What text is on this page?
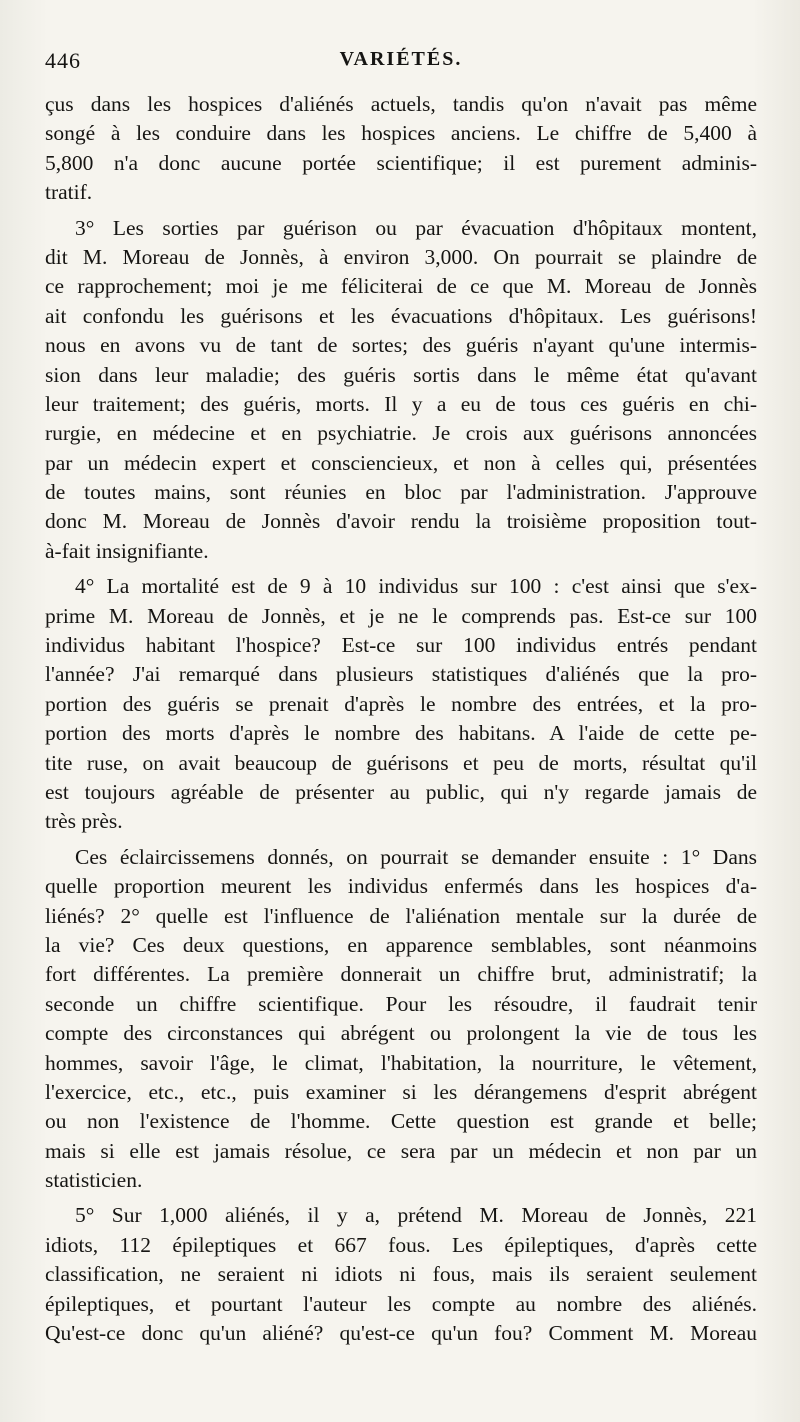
446	VARIÉTÉS.
çus dans les hospices d'aliénés actuels, tandis qu'on n'avait pas même
songé à les conduire dans les hospices anciens. Le chiffre de 5,400 à
5,800 n'a donc aucune portée scientifique; il est purement adminis-
tratif.
3° Les sorties par guérison ou par évacuation d'hôpitaux montent,
dit M. Moreau de Jonnès, à environ 3,000. On pourrait se plaindre de
ce rapprochement; moi je me féliciterai de ce que M. Moreau de Jonnès
ait confondu les guérisons et les évacuations d'hôpitaux. Les guérisons!
nous en avons vu de tant de sortes; des guéris n'ayant qu'une intermis-
sion dans leur maladie; des guéris sortis dans le même état qu'avant
leur traitement; des guéris, morts. Il y a eu de tous ces guéris en chi-
rurgie, en médecine et en psychiatrie. Je crois aux guérisons annoncées
par un médecin expert et consciencieux, et non à celles qui, présentées
de toutes mains, sont réunies en bloc par l'administration. J'approuve
donc M. Moreau de Jonnès d'avoir rendu la troisième proposition tout-
à-fait insignifiante.
4° La mortalité est de 9 à 10 individus sur 100 : c'est ainsi que s'ex-
prime M. Moreau de Jonnès, et je ne le comprends pas. Est-ce sur 100
individus habitant l'hospice? Est-ce sur 100 individus entrés pendant
l'année? J'ai remarqué dans plusieurs statistiques d'aliénés que la pro-
portion des guéris se prenait d'après le nombre des entrées, et la pro-
portion des morts d'après le nombre des habitans. A l'aide de cette pe-
tite ruse, on avait beaucoup de guérisons et peu de morts, résultat qu'il
est toujours agréable de présenter au public, qui n'y regarde jamais de
très près.
Ces éclaircissemens donnés, on pourrait se demander ensuite : 1° Dans
quelle proportion meurent les individus enfermés dans les hospices d'a-
liénés? 2° quelle est l'influence de l'aliénation mentale sur la durée de
la vie? Ces deux questions, en apparence semblables, sont néanmoins
fort différentes. La première donnerait un chiffre brut, administratif; la
seconde un chiffre scientifique. Pour les résoudre, il faudrait tenir
compte des circonstances qui abrégent ou prolongent la vie de tous les
hommes, savoir l'âge, le climat, l'habitation, la nourriture, le vêtement,
l'exercice, etc., etc., puis examiner si les dérangemens d'esprit abrégent
ou non l'existence de l'homme. Cette question est grande et belle;
mais si elle est jamais résolue, ce sera par un médecin et non par un
statisticien.
5° Sur 1,000 aliénés, il y a, prétend M. Moreau de Jonnès, 221
idiots, 112 épileptiques et 667 fous. Les épileptiques, d'après cette
classification, ne seraient ni idiots ni fous, mais ils seraient seulement
épileptiques, et pourtant l'auteur les compte au nombre des aliénés.
Qu'est-ce donc qu'un aliéné? qu'est-ce qu'un fou? Comment M. Moreau
